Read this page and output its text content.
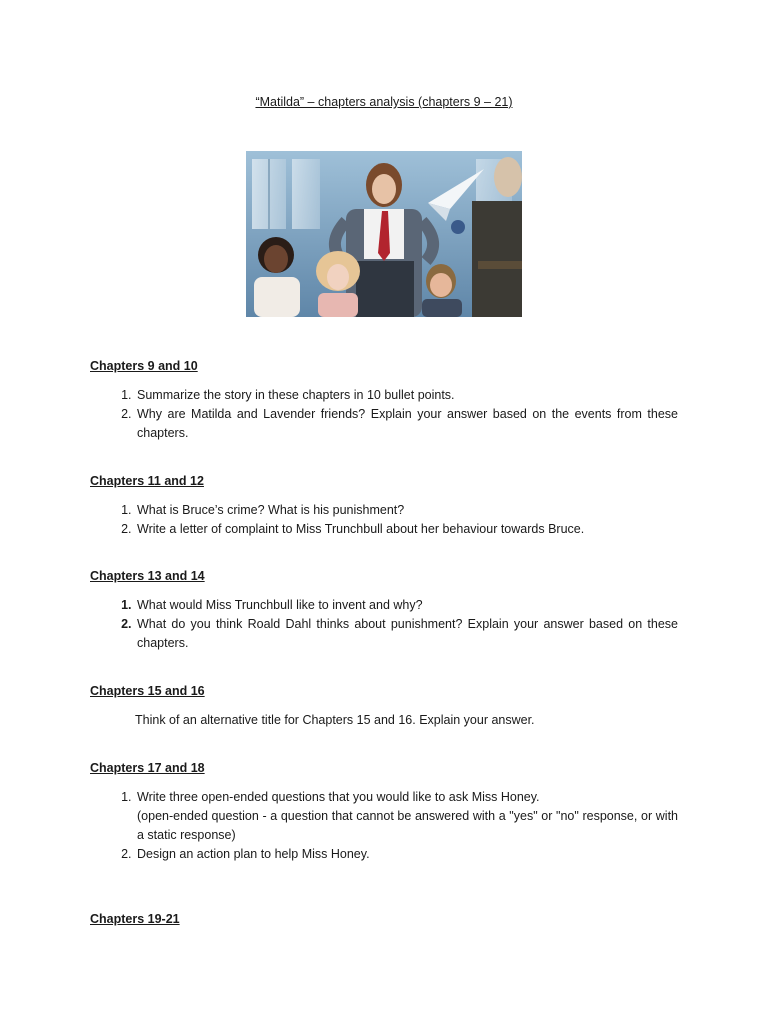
“Matilda” – chapters analysis (chapters 9 – 21)

Chapters 9 and 10

1. Summarize the story in these chapters in 10 bullet points.
2. Why are Matilda and Lavender friends? Explain your answer based on the events from these chapters.

Chapters 11 and 12

1. What is Bruce’s crime? What is his punishment?
2. Write a letter of complaint to Miss Trunchbull about her behaviour towards Bruce.

Chapters 13 and 14

1. What would Miss Trunchbull like to invent and why?
2. What do you think Roald Dahl thinks about punishment? Explain your answer based on these chapters.

Chapters 15 and 16

Think of an alternative title for Chapters 15 and 16. Explain your answer.

Chapters 17 and 18

1. Write three open-ended questions that you would like to ask Miss Honey.
(open-ended question - a question that cannot be answered with a "yes" or "no" response, or with a static response)
2. Design an action plan to help Miss Honey.

Chapters 19-21
